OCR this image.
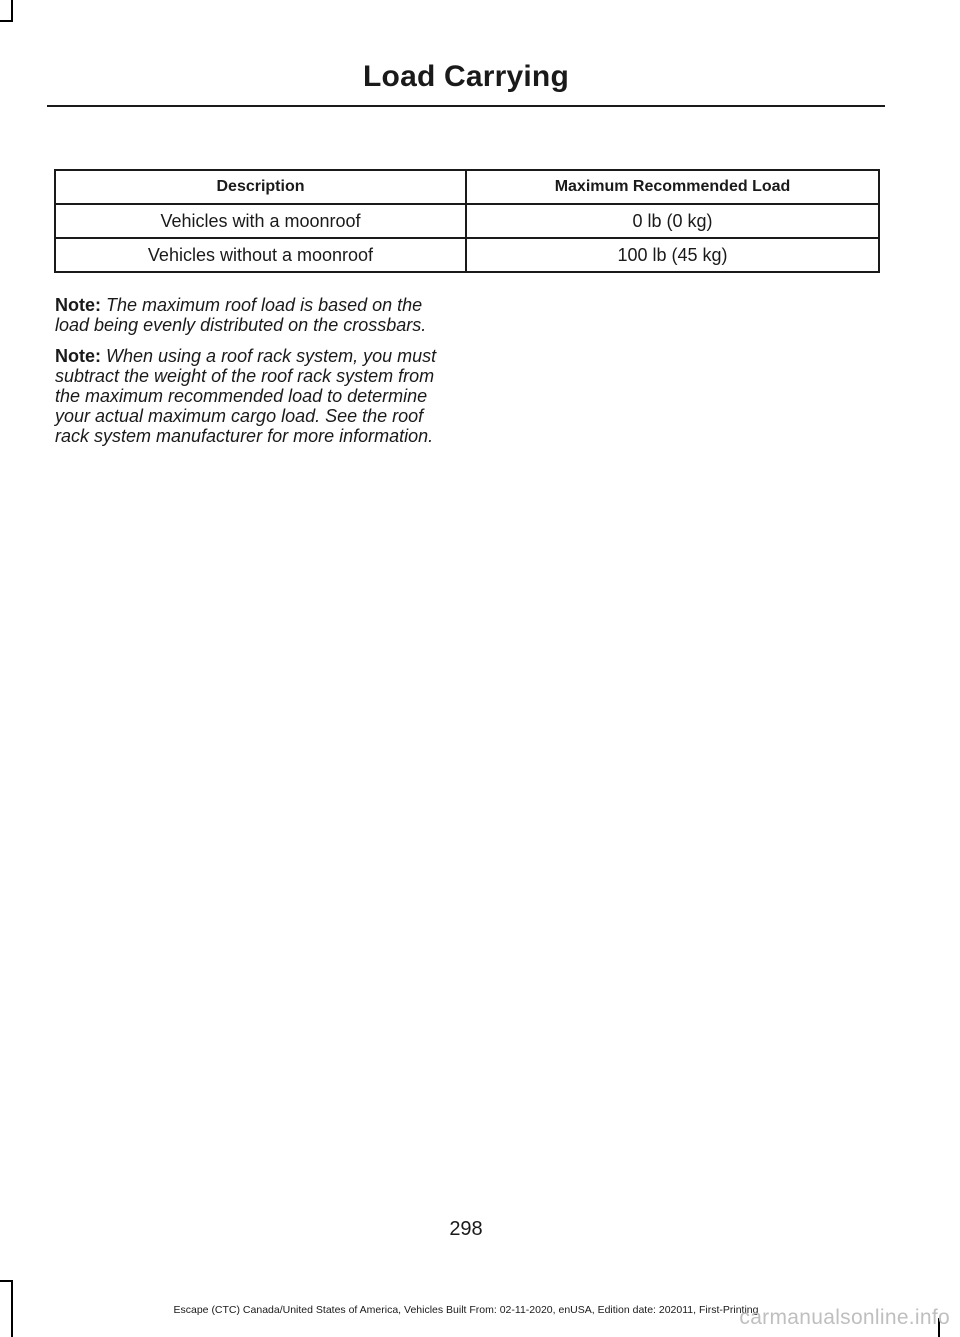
Load Carrying
Description	Maximum Recommended Load
Vehicles with a moonroof	0 lb (0 kg)
Vehicles without a moonroof	100 lb (45 kg)

Note: The maximum roof load is based on the load being evenly distributed on the crossbars.

Note: When using a roof rack system, you must subtract the weight of the roof rack system from the maximum recommended load to determine your actual maximum cargo load. See the roof rack system manufacturer for more information.

298
Escape (CTC) Canada/United States of America, Vehicles Built From: 02-11-2020, enUSA, Edition date: 202011, First-Printing
carmanualsonline.info
